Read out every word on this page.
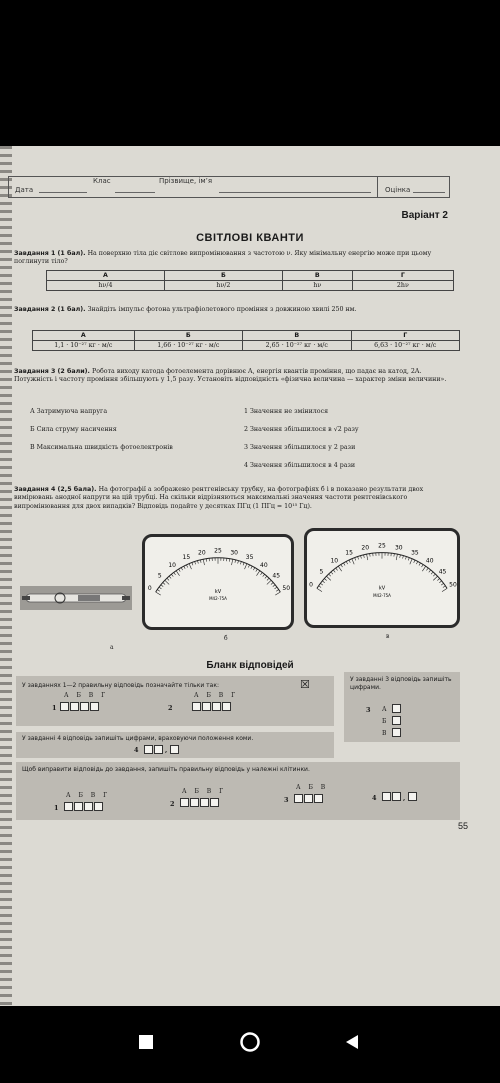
Дата
Клас	Прізвище, ім’я
Оцінка
Варіант 2
СВІТЛОВІ КВАНТИ
Завдання 1 (1 бал). На поверхню тіла діє світлове випромінювання з частотою ν. Яку мінімальну енергію може при цьому поглинути тіло?
А	Б	В	Г
hν/4	hν/2	hν	2hν
Завдання 2 (1 бал). Знайдіть імпульс фотона ультрафіолетового проміння з довжиною хвилі 250 нм.
А	Б	В	Г
1,1 · 10⁻²⁷ кг · м/с	1,66 · 10⁻²⁷ кг · м/с	2,65 · 10⁻²⁷ кг · м/с	6,63 · 10⁻²⁷ кг · м/с
Завдання 3 (2 бали). Робота виходу катода фотоелемента дорівнює A, енергія квантів проміння, що падає на катод, 2A. Потужність і частоту проміння збільшують у 1,5 разу. Установіть відповідність «фізична величина — характер зміни величини».
А Затримуюча напруга
Б Сила струму насичення
В Максимальна швидкість фотоелектронів
1 Значення не змінилося
2 Значення збільшилося в √2 разу
3 Значення збільшилося у 2 рази
4 Значення збільшилося в 4 рази
Завдання 4 (2,5 бала). На фотографії а зображено рентгенівську трубку, на фотографіях б і в показано результати двох вимірювань анодної напруги на цій трубці. На скільки відрізняються максимальні значення частоти рентгенівського випромінювання для двох випадків? Відповідь подайте у десятках ПГц (1 ПГц = 10¹⁵ Гц).
а
0
5
10
15
20 25 30
35
40
45
50
kV
М42-75А
б
0
5
10
15
20 25 30
35
40
45
50
kV
М42-75А
в
Бланк відповідей
У завданнях 1—2 правильну відповідь позначайте тільки так:	☒
А Б В Г
1
А Б В Г
2
У завданні 3 відповідь запишіть цифрами.
3 А
Б
В
У завданні 4 відповідь запишіть цифрами, враховуючи положення коми.
4	,
Щоб виправити відповідь до завдання, запишіть правильну відповідь у належні клітинки.
А Б В Г
1
А Б В Г
2
А Б В
3	4	,
55
